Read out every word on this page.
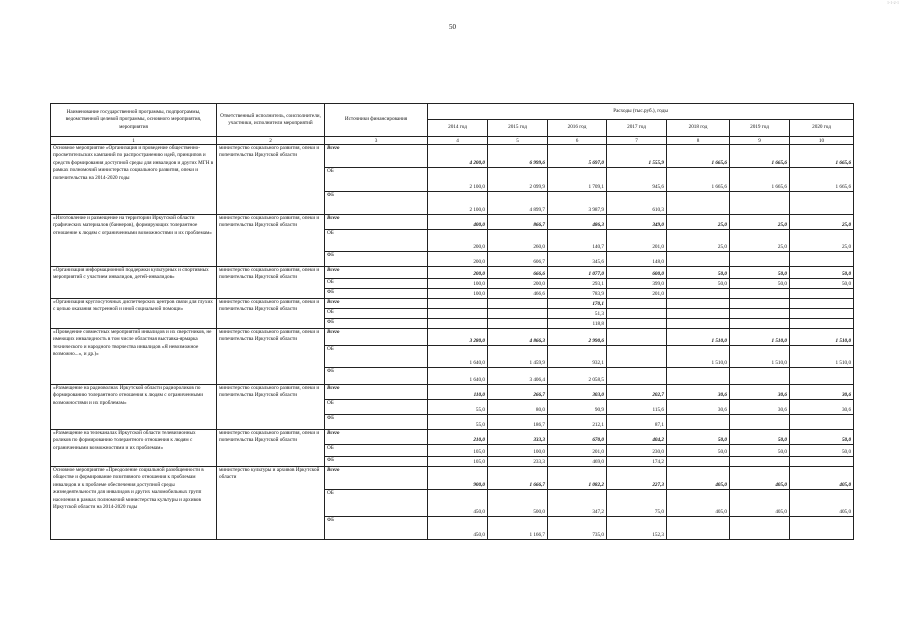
50
1-1-2-1
Наименование государственной программы, подпрограммы, ведомственной целевой программы, основного мероприятия, мероприятия	Ответственный исполнитель, соисполнители, участники, исполнители мероприятий	Источники финансирования	Расходы (тыс.руб.), годы						
			2014 год	2015 год	2016 год	2017 год	2018 год	2019 год	2020 год
1	2	3	4	5	6	7	8	9	10
Основное мероприятие «Организация и проведение общественно-просветительских кампаний по распространению идей, принципов и средств формирования доступной среды для инвалидов и других МГН в рамках полномочий министерства социального развития, опеки и попечительства на 2014-2020 годы	министерство социального развития, опеки и попечительства Иркутской области	Всего	4 200,0	6 999,6	5 697,0	1 555,9	1 665,6	1 665,6	1 665,6
		ОБ	2 100,0	2 099,9	1 709,1	945,6	1 665,6	1 665,6	1 665,6
		ФБ	2 100,0	4 899,7	3 987,9	610,3			
«Изготовление и размещение на территории Иркутской области графических материалов (баннеров), формирующих толерантное отношение к людям с ограниченными возможностями и их проблемам»	министерство социального развития, опеки и попечительства Иркутской области	Всего	400,0	866,7	486,3	349,0	25,0	25,0	25,0
		ОБ	200,0	260,0	140,7	201,0	25,0	25,0	25,0
		ФБ	200,0	606,7	345,6	148,0			
«Организация информационной поддержки культурных и спортивных мероприятий с участием инвалидов, детей-инвалидов»	министерство социального развития, опеки и попечительства Иркутской области	Всего	200,0	666,6	1 077,0	600,0	50,0	50,0	50,0
		ОБ	100,0	200,0	293,1	399,0	50,0	50,0	50,0
		ФБ	100,0	466,6	783,9	201,0			
«Организация круглосуточных диспетчерских центров связи для глухих с целью оказания экстренной и иной социальной помощи»	министерство социального развития, опеки и попечительства Иркутской области	Всего			170,1				
		ОБ			51,3				
		ФБ			118,8				
«Проведение совместных мероприятий инвалидов и их сверстников, не имеющих инвалидность в том числе областная выставка-ярмарка технического и народного творчества инвалидов «Я невозможное возможно...», и др.)»	министерство социального развития, опеки и попечительства Иркутской области	Всего	3 280,0	4 866,3	2 990,6		1 510,0	1 510,0	1 510,0
		ОБ	1 640,0	1 459,9	932,1		1 510,0	1 510,0	1 510,0
		ФБ	1 640,0	3 406,4	2 058,5				
«Размещение на радиоволнах Иркутской области радиороликов по формированию толерантного отношения к людям с ограниченными возможностями и их проблемам»	министерство социального развития, опеки и попечительства Иркутской области	Всего	110,0	266,7	303,0	202,7	30,6	30,6	30,6
		ОБ	55,0	80,0	90,9	115,6	30,6	30,6	30,6
		ФБ	55,0	186,7	212,1	87,1			
«Размещение на телеканалах Иркутской области телевизионных роликов по формированию толерантного отношения к людям с ограниченными возможностями и их проблемам»	министерство социального развития, опеки и попечительства Иркутской области	Всего	210,0	333,3	670,0	404,2	50,0	50,0	50,0
		ОБ	105,0	100,0	201,0	230,0	50,0	50,0	50,0
		ФБ	105,0	233,3	469,0	174,2			
Основное мероприятие «Преодоление социальной разобщенности в обществе и формирование позитивного отношения к проблемам инвалидов и к проблеме обеспечения доступной среды жизнедеятельности для инвалидов и других маломобильных групп населения в рамках полномочий министерства культуры и архивов Иркутской области на 2014-2020 годы	министерство культуры и архивов Иркутской области	Всего	900,0	1 666,7	1 082,2	227,3	405,0	405,0	405,0
		ОБ	450,0	500,0	347,2	75,0	405,0	405,0	405,0
		ФБ	450,0	1 166,7	735,0	152,3			
